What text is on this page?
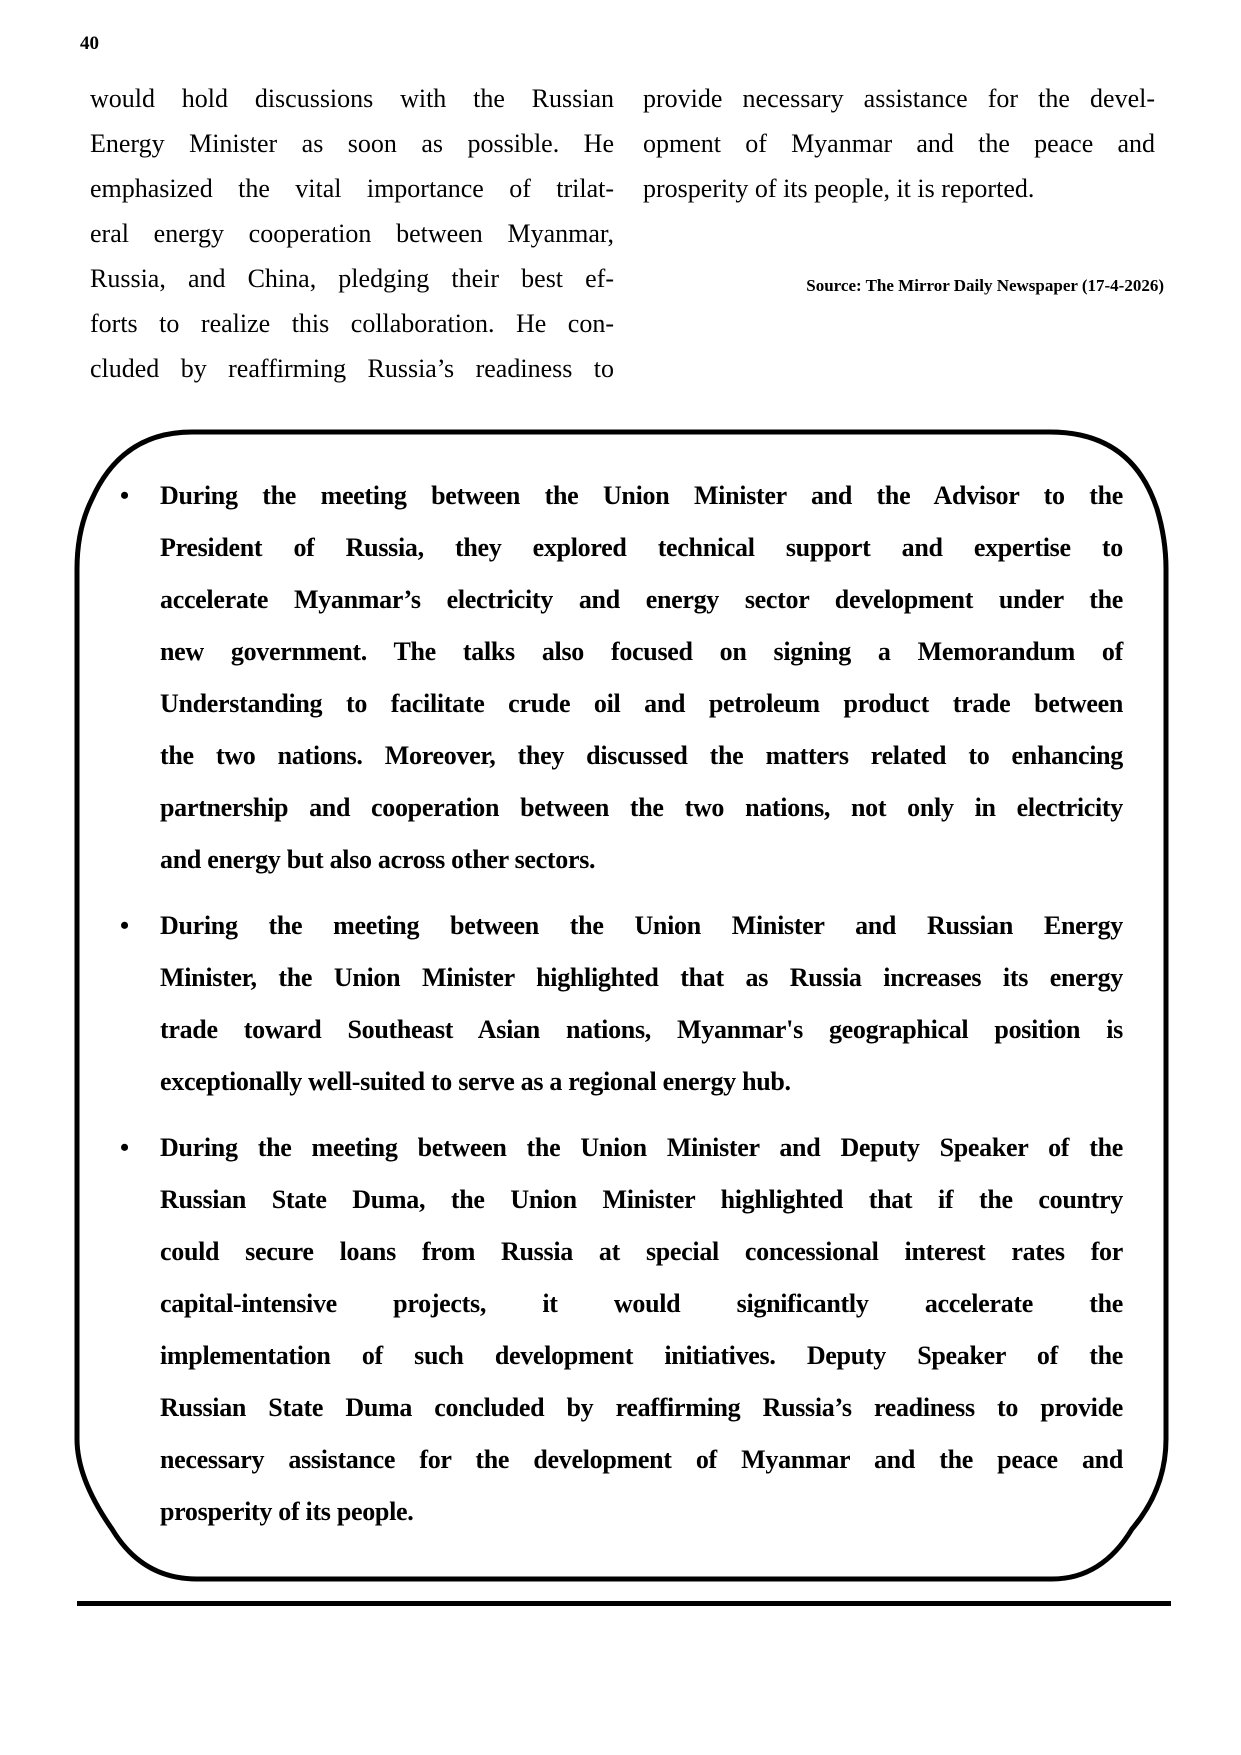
40
would hold discussions with the Russian
Energy Minister as soon as possible. He
emphasized the vital importance of trilat-
eral energy cooperation between Myanmar,
Russia, and China, pledging their best ef-
forts to realize this collaboration. He con-
cluded by reaffirming Russia’s readiness to
provide necessary assistance for the devel-
opment of Myanmar and the peace and
prosperity of its people, it is reported.
Source: The Mirror Daily Newspaper (17-4-2026)
• During the meeting between the Union Minister and the Advisor to the
President of Russia, they explored technical support and expertise to
accelerate Myanmar’s electricity and energy sector development under the
new government. The talks also focused on signing a Memorandum of
Understanding to facilitate crude oil and petroleum product trade between
the two nations. Moreover, they discussed the matters related to enhancing
partnership and cooperation between the two nations, not only in electricity
and energy but also across other sectors.
• During the meeting between the Union Minister and Russian Energy
Minister, the Union Minister highlighted that as Russia increases its energy
trade toward Southeast Asian nations, Myanmar's geographical position is
exceptionally well-suited to serve as a regional energy hub.
• During the meeting between the Union Minister and Deputy Speaker of the
Russian State Duma, the Union Minister highlighted that if the country
could secure loans from Russia at special concessional interest rates for
capital-intensive projects, it would significantly accelerate the
implementation of such development initiatives. Deputy Speaker of the
Russian State Duma concluded by reaffirming Russia’s readiness to provide
necessary assistance for the development of Myanmar and the peace and
prosperity of its people.
